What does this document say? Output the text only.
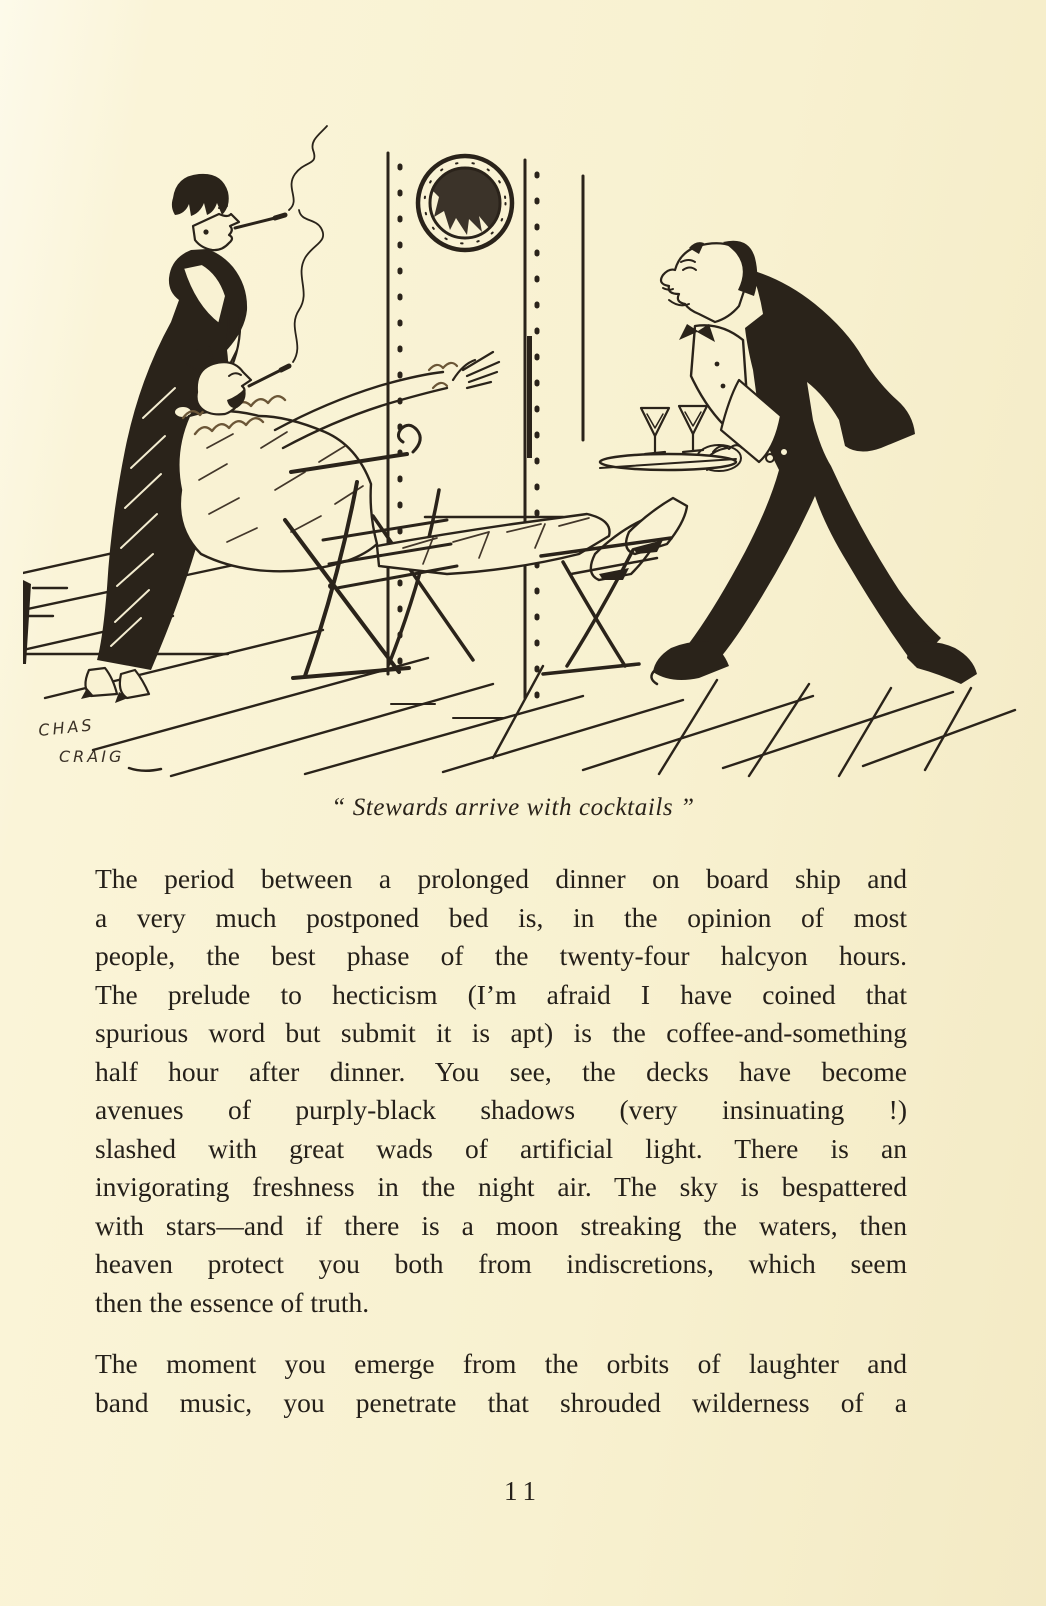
CHAS
CRAIG
“ Stewards arrive with cocktails ”
The period between a prolonged dinner on board ship and
a very much postponed bed is, in the opinion of most
people, the best phase of the twenty-four halcyon hours.
The prelude to hecticism (I’m afraid I have coined that
spurious word but submit it is apt) is the coffee-and-something
half hour after dinner. You see, the decks have become
avenues of purply-black shadows (very insinuating !)
slashed with great wads of artificial light. There is an
invigorating freshness in the night air. The sky is bespattered
with stars—and if there is a moon streaking the waters, then
heaven protect you both from indiscretions, which seem
then the essence of truth.
The moment you emerge from the orbits of laughter and
band music, you penetrate that shrouded wilderness of a
11
